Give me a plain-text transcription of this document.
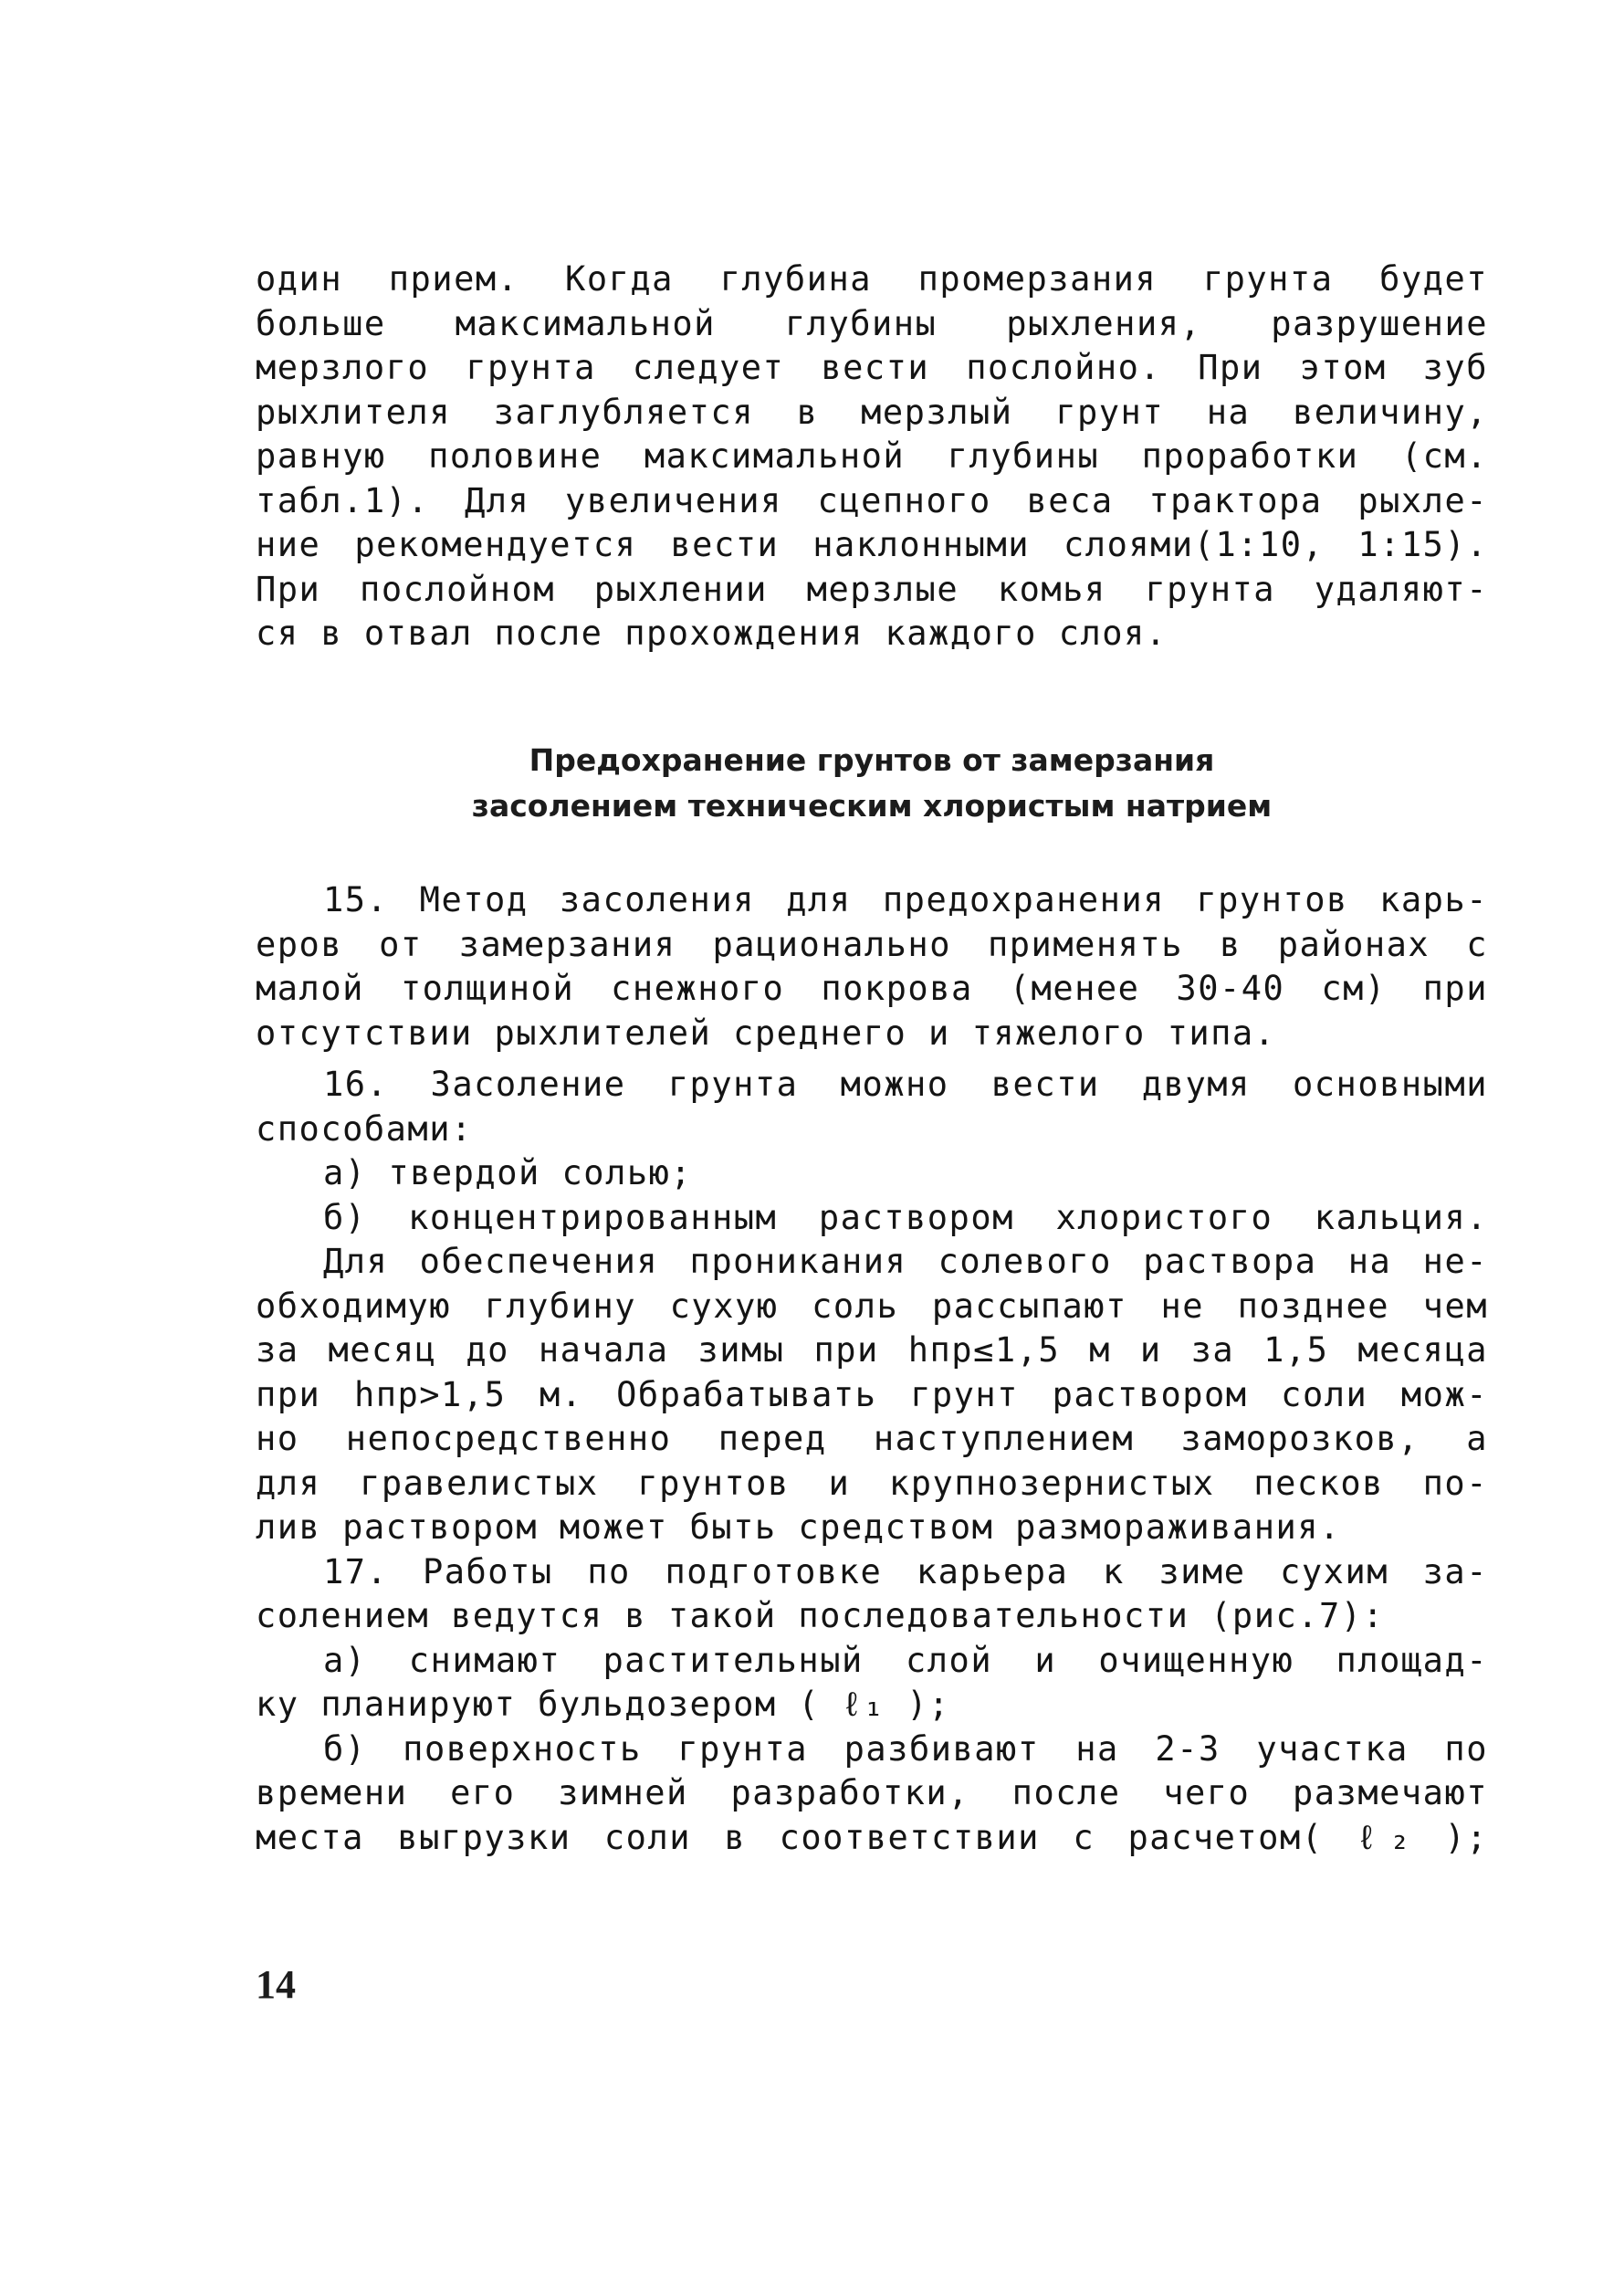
один прием. Когда глубина промерзания грунта будет
больше максимальной глубины рыхления, разрушение
мерзлого грунта следует вести послойно. При этом зуб
рыхлителя заглубляется в мерзлый грунт на величину,
равную половине максимальной глубины проработки (см.
табл.1). Для увеличения сцепного веса трактора рыхле-
ние рекомендуется вести наклонными слоями(1:10, 1:15).
При послойном рыхлении мерзлые комья грунта удаляют-
ся в отвал после прохождения каждого слоя.
Предохранение грунтов от замерзания
засолением техническим хлористым натрием
15. Метод засоления для предохранения грунтов карь-
еров от замерзания рационально применять в районах с
малой толщиной снежного покрова (менее 30-40 см) при
отсутствии рыхлителей среднего и тяжелого типа.
16. Засоление грунта можно вести двумя основными
способами:
а) твердой солью;
б) концентрированным раствором хлористого кальция.
Для обеспечения проникания солевого раствора на не-
обходимую глубину сухую соль рассыпают не позднее чем
за месяц до начала зимы при hпр≤1,5 м и за 1,5 месяца
при hпр>1,5 м. Обрабатывать грунт раствором соли мож-
но непосредственно перед наступлением заморозков, а
для гравелистых грунтов и крупнозернистых песков по-
лив раствором может быть средством размораживания.
17. Работы по подготовке карьера к зиме сухим за-
солением ведутся в такой последовательности (рис.7):
а) снимают растительный слой и очищенную площад-
ку планируют бульдозером ( ℓ₁ );
б) поверхность грунта разбивают на 2-3 участка по
времени его зимней разработки, после чего размечают
места выгрузки соли в соответствии с расчетом( ℓ₂ );
14
